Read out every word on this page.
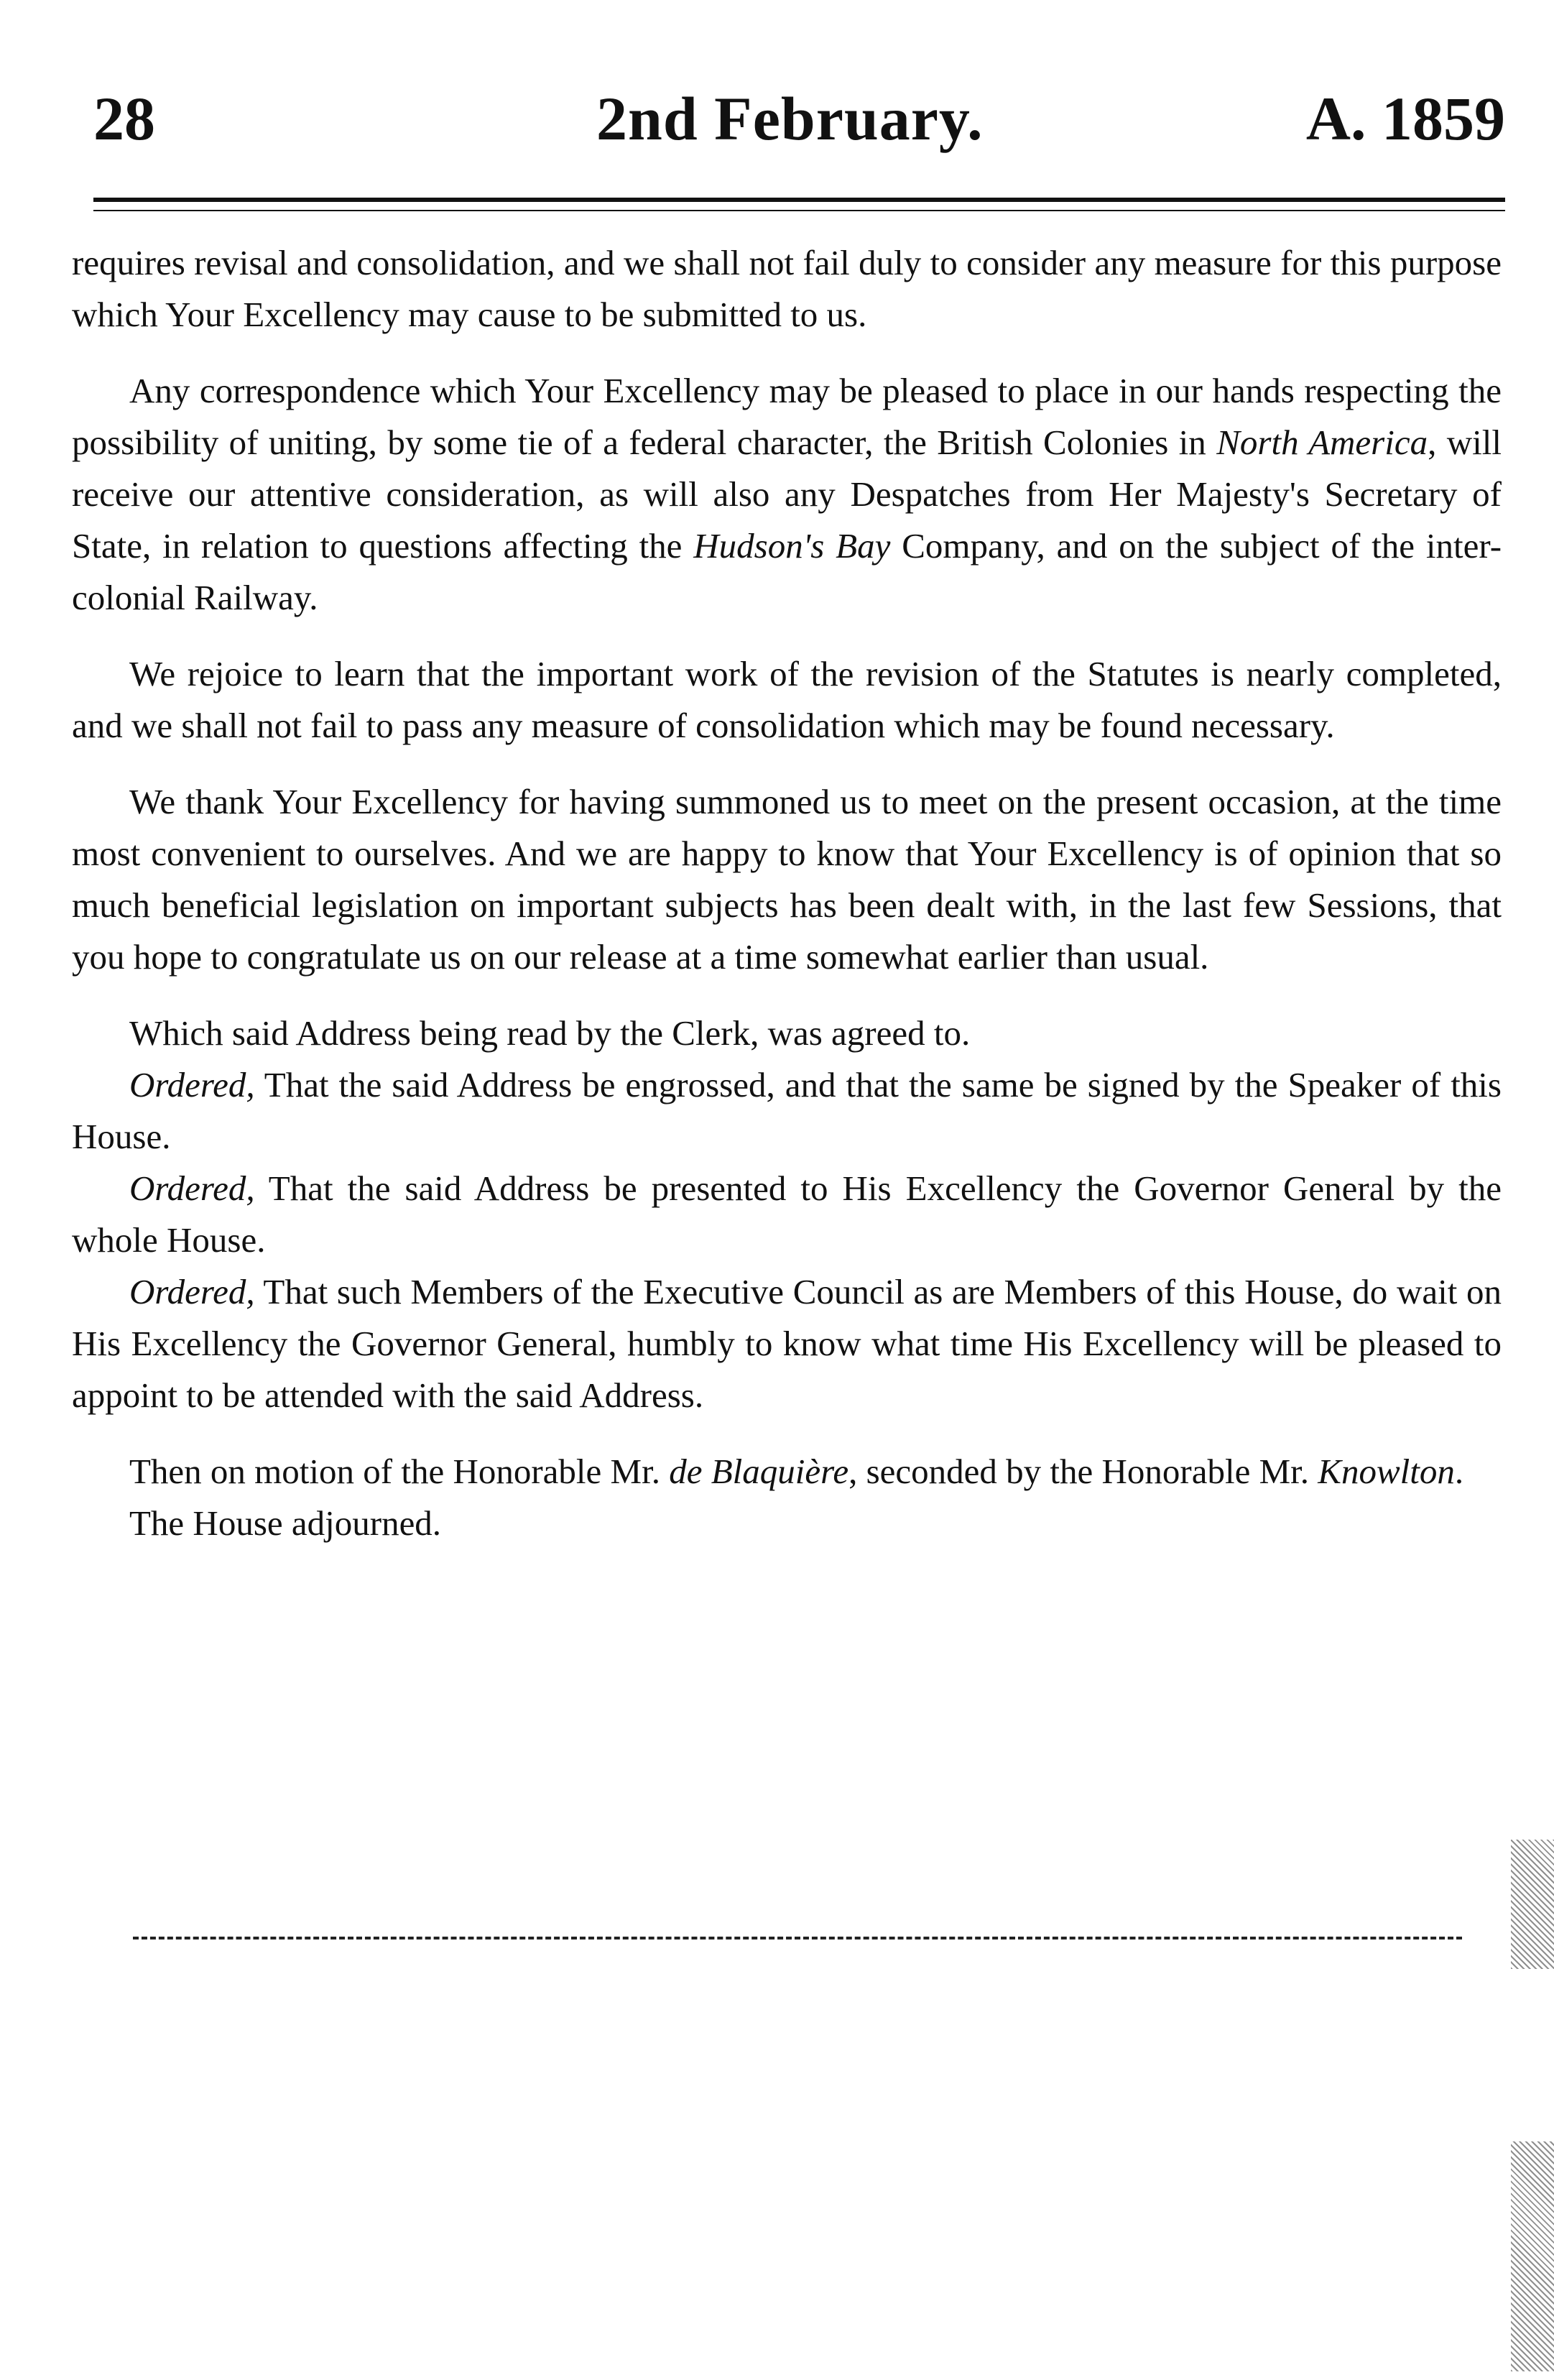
28	2nd February.	A. 1859

requires revisal and consolidation, and we shall not fail duly to consider any measure for this purpose which Your Excellency may cause to be submitted to us.

Any correspondence which Your Excellency may be pleased to place in our hands respecting the possibility of uniting, by some tie of a federal character, the British Colonies in North America, will receive our attentive consideration, as will also any Despatches from Her Majesty's Secretary of State, in relation to questions affecting the Hudson's Bay Company, and on the subject of the inter-colonial Railway.

We rejoice to learn that the important work of the revision of the Statutes is nearly completed, and we shall not fail to pass any measure of consolidation which may be found necessary.

We thank Your Excellency for having summoned us to meet on the present occasion, at the time most convenient to ourselves. And we are happy to know that Your Excellency is of opinion that so much beneficial legislation on important subjects has been dealt with, in the last few Sessions, that you hope to congratulate us on our release at a time somewhat earlier than usual.

Which said Address being read by the Clerk, was agreed to.

Ordered, That the said Address be engrossed, and that the same be signed by the Speaker of this House.

Ordered, That the said Address be presented to His Excellency the Governor General by the whole House.

Ordered, That such Members of the Executive Council as are Members of this House, do wait on His Excellency the Governor General, humbly to know what time His Excellency will be pleased to appoint to be attended with the said Address.

Then on motion of the Honorable Mr. de Blaquière, seconded by the Honorable Mr. Knowlton.

The House adjourned.
